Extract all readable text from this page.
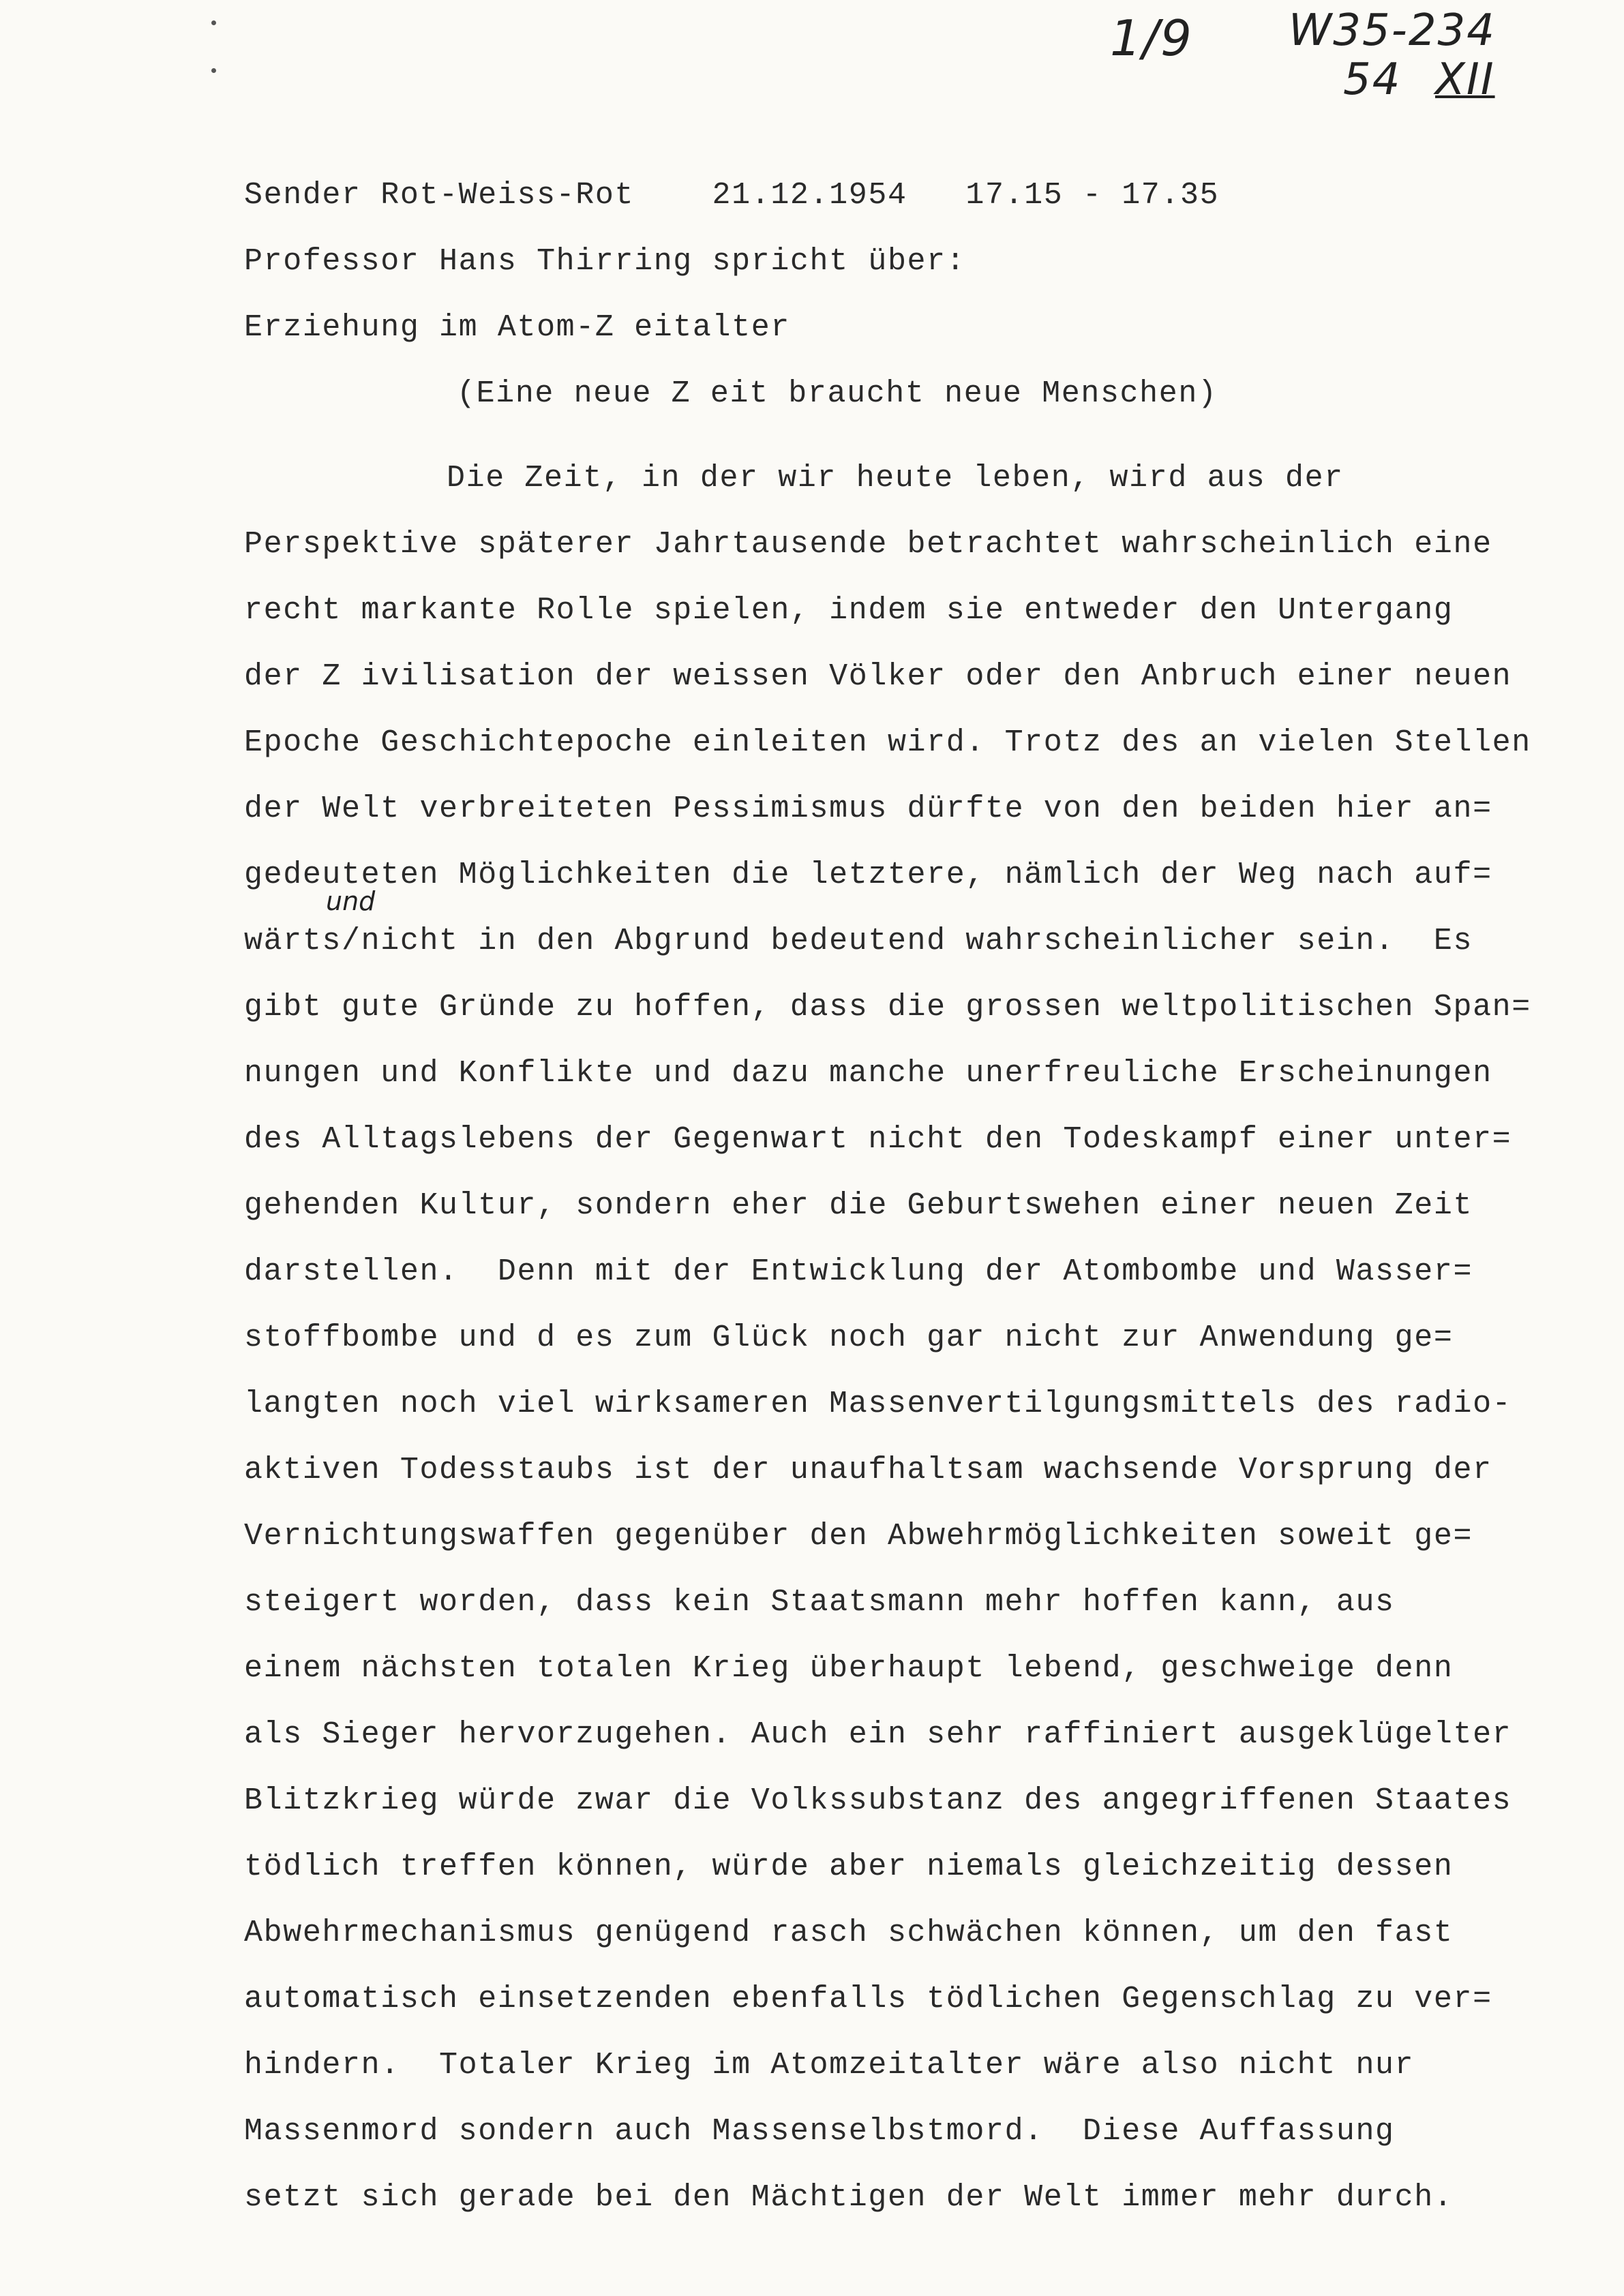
1/9 W35-234
54 XII
Sender Rot-Weiss-Rot    21.12.1954   17.15 - 17.35
Professor Hans Thirring spricht über:
Erziehung im Atom-Z eitalter
(Eine neue Z eit braucht neue Menschen)
Die Zeit, in der wir heute leben, wird aus der
Perspektive späterer Jahrtausende betrachtet wahrscheinlich eine
recht markante Rolle spielen, indem sie entweder den Untergang
der Z ivilisation der weissen Völker oder den Anbruch einer neuen
Epoche Geschichtepoche einleiten wird. Trotz des an vielen Stellen
der Welt verbreiteten Pessimismus dürfte von den beiden hier an=
gedeuteten Möglichkeiten die letztere, nämlich der Weg nach auf=
und
wärts/nicht in den Abgrund bedeutend wahrscheinlicher sein.  Es
gibt gute Gründe zu hoffen, dass die grossen weltpolitischen Span=
nungen und Konflikte und dazu manche unerfreuliche Erscheinungen
des Alltagslebens der Gegenwart nicht den Todeskampf einer unter=
gehenden Kultur, sondern eher die Geburtswehen einer neuen Zeit
darstellen.  Denn mit der Entwicklung der Atombombe und Wasser=
stoffbombe und d es zum Glück noch gar nicht zur Anwendung ge=
langten noch viel wirksameren Massenvertilgungsmittels des radio-
aktiven Todesstaubs ist der unaufhaltsam wachsende Vorsprung der
Vernichtungswaffen gegenüber den Abwehrmöglichkeiten soweit ge=
steigert worden, dass kein Staatsmann mehr hoffen kann, aus
einem nächsten totalen Krieg überhaupt lebend, geschweige denn
als Sieger hervorzugehen. Auch ein sehr raffiniert ausgeklügelter
Blitzkrieg würde zwar die Volkssubstanz des angegriffenen Staates
tödlich treffen können, würde aber niemals gleichzeitig dessen
Abwehrmechanismus genügend rasch schwächen können, um den fast
automatisch einsetzenden ebenfalls tödlichen Gegenschlag zu ver=
hindern.  Totaler Krieg im Atomzeitalter wäre also nicht nur
Massenmord sondern auch Massenselbstmord.  Diese Auffassung
setzt sich gerade bei den Mächtigen der Welt immer mehr durch.
